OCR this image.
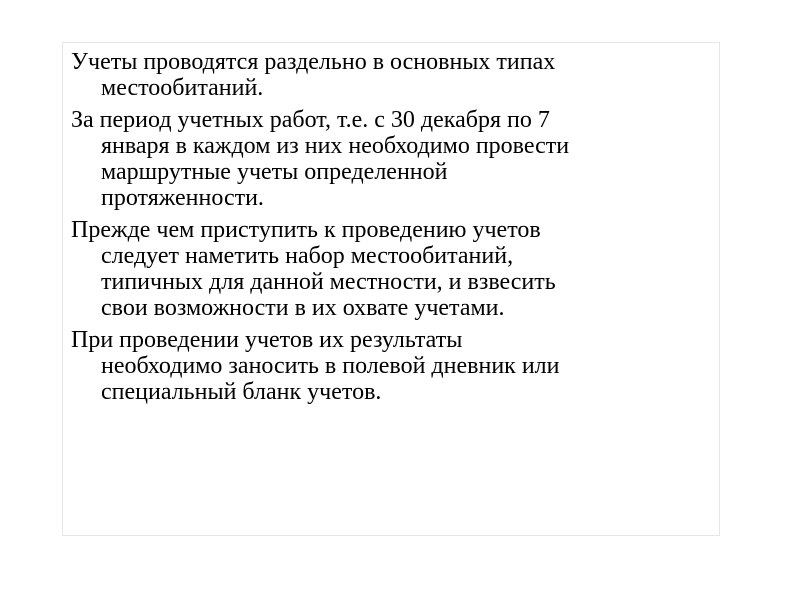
Учеты проводятся раздельно в основных типах
местообитаний.

За период учетных работ, т.е. с 30 декабря по 7
января в каждом из них необходимо провести
маршрутные учеты определенной
протяженности.

Прежде чем приступить к проведению учетов
следует наметить набор местообитаний,
типичных для данной местности, и взвесить
свои возможности в их охвате учетами.

При проведении учетов их результаты
необходимо заносить в полевой дневник или
специальный бланк учетов.
